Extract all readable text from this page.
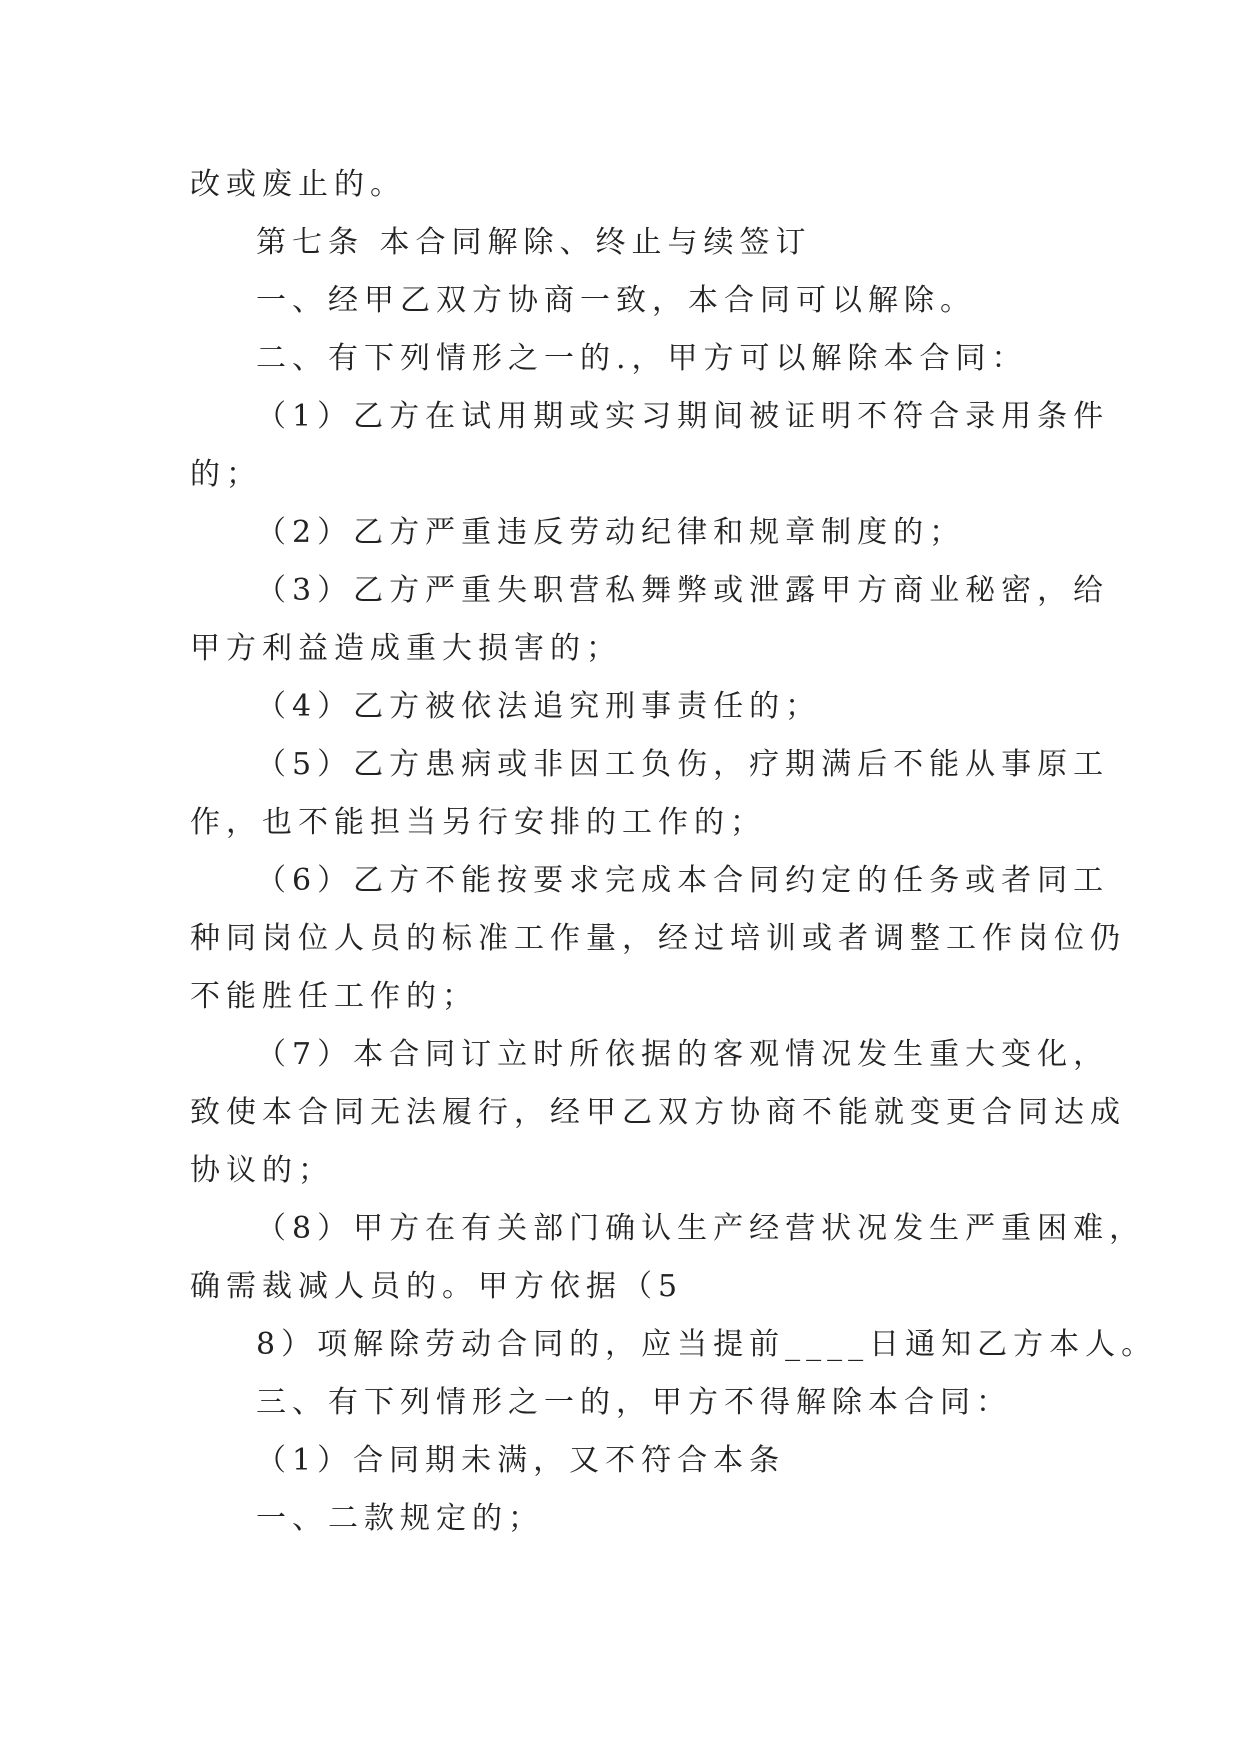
改或废止的。

第七条 本合同解除、终止与续签订

一、经甲乙双方协商一致，本合同可以解除。

二、有下列情形之一的.，甲方可以解除本合同：

（1）乙方在试用期或实习期间被证明不符合录用条件

的；

（2）乙方严重违反劳动纪律和规章制度的；

（3）乙方严重失职营私舞弊或泄露甲方商业秘密，给

甲方利益造成重大损害的；

（4）乙方被依法追究刑事责任的；

（5）乙方患病或非因工负伤，疗期满后不能从事原工

作，也不能担当另行安排的工作的；

（6）乙方不能按要求完成本合同约定的任务或者同工

种同岗位人员的标准工作量，经过培训或者调整工作岗位仍

不能胜任工作的；

（7）本合同订立时所依据的客观情况发生重大变化，

致使本合同无法履行，经甲乙双方协商不能就变更合同达成

协议的；

（8）甲方在有关部门确认生产经营状况发生严重困难，

确需裁减人员的。甲方依据（5

8）项解除劳动合同的，应当提前____日通知乙方本人。

三、有下列情形之一的，甲方不得解除本合同：

（1）合同期未满，又不符合本条

一、二款规定的；
